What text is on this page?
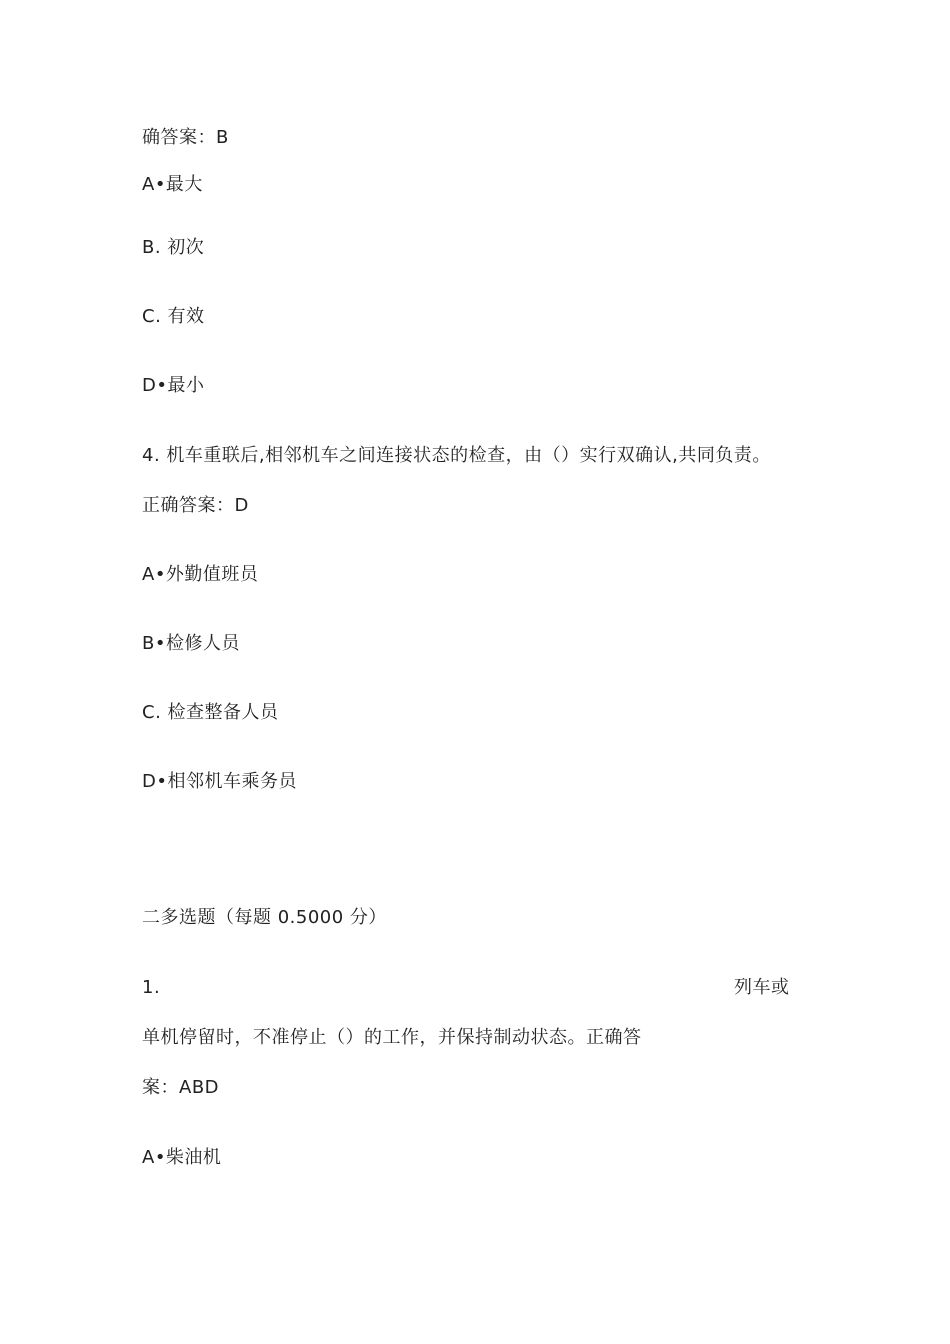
确答案：B
A•最大
B. 初次
C. 有效
D•最小
4. 机车重联后,相邻机车之间连接状态的检查，由（）实行双确认,共同负责。
正确答案：D
A•外勤值班员
B•检修人员
C. 检查整备人员
D•相邻机车乘务员
二多选题（每题 0.5000 分）
1.	列车或
单机停留时，不准停止（）的工作，并保持制动状态。正确答
案：ABD
A•柴油机
